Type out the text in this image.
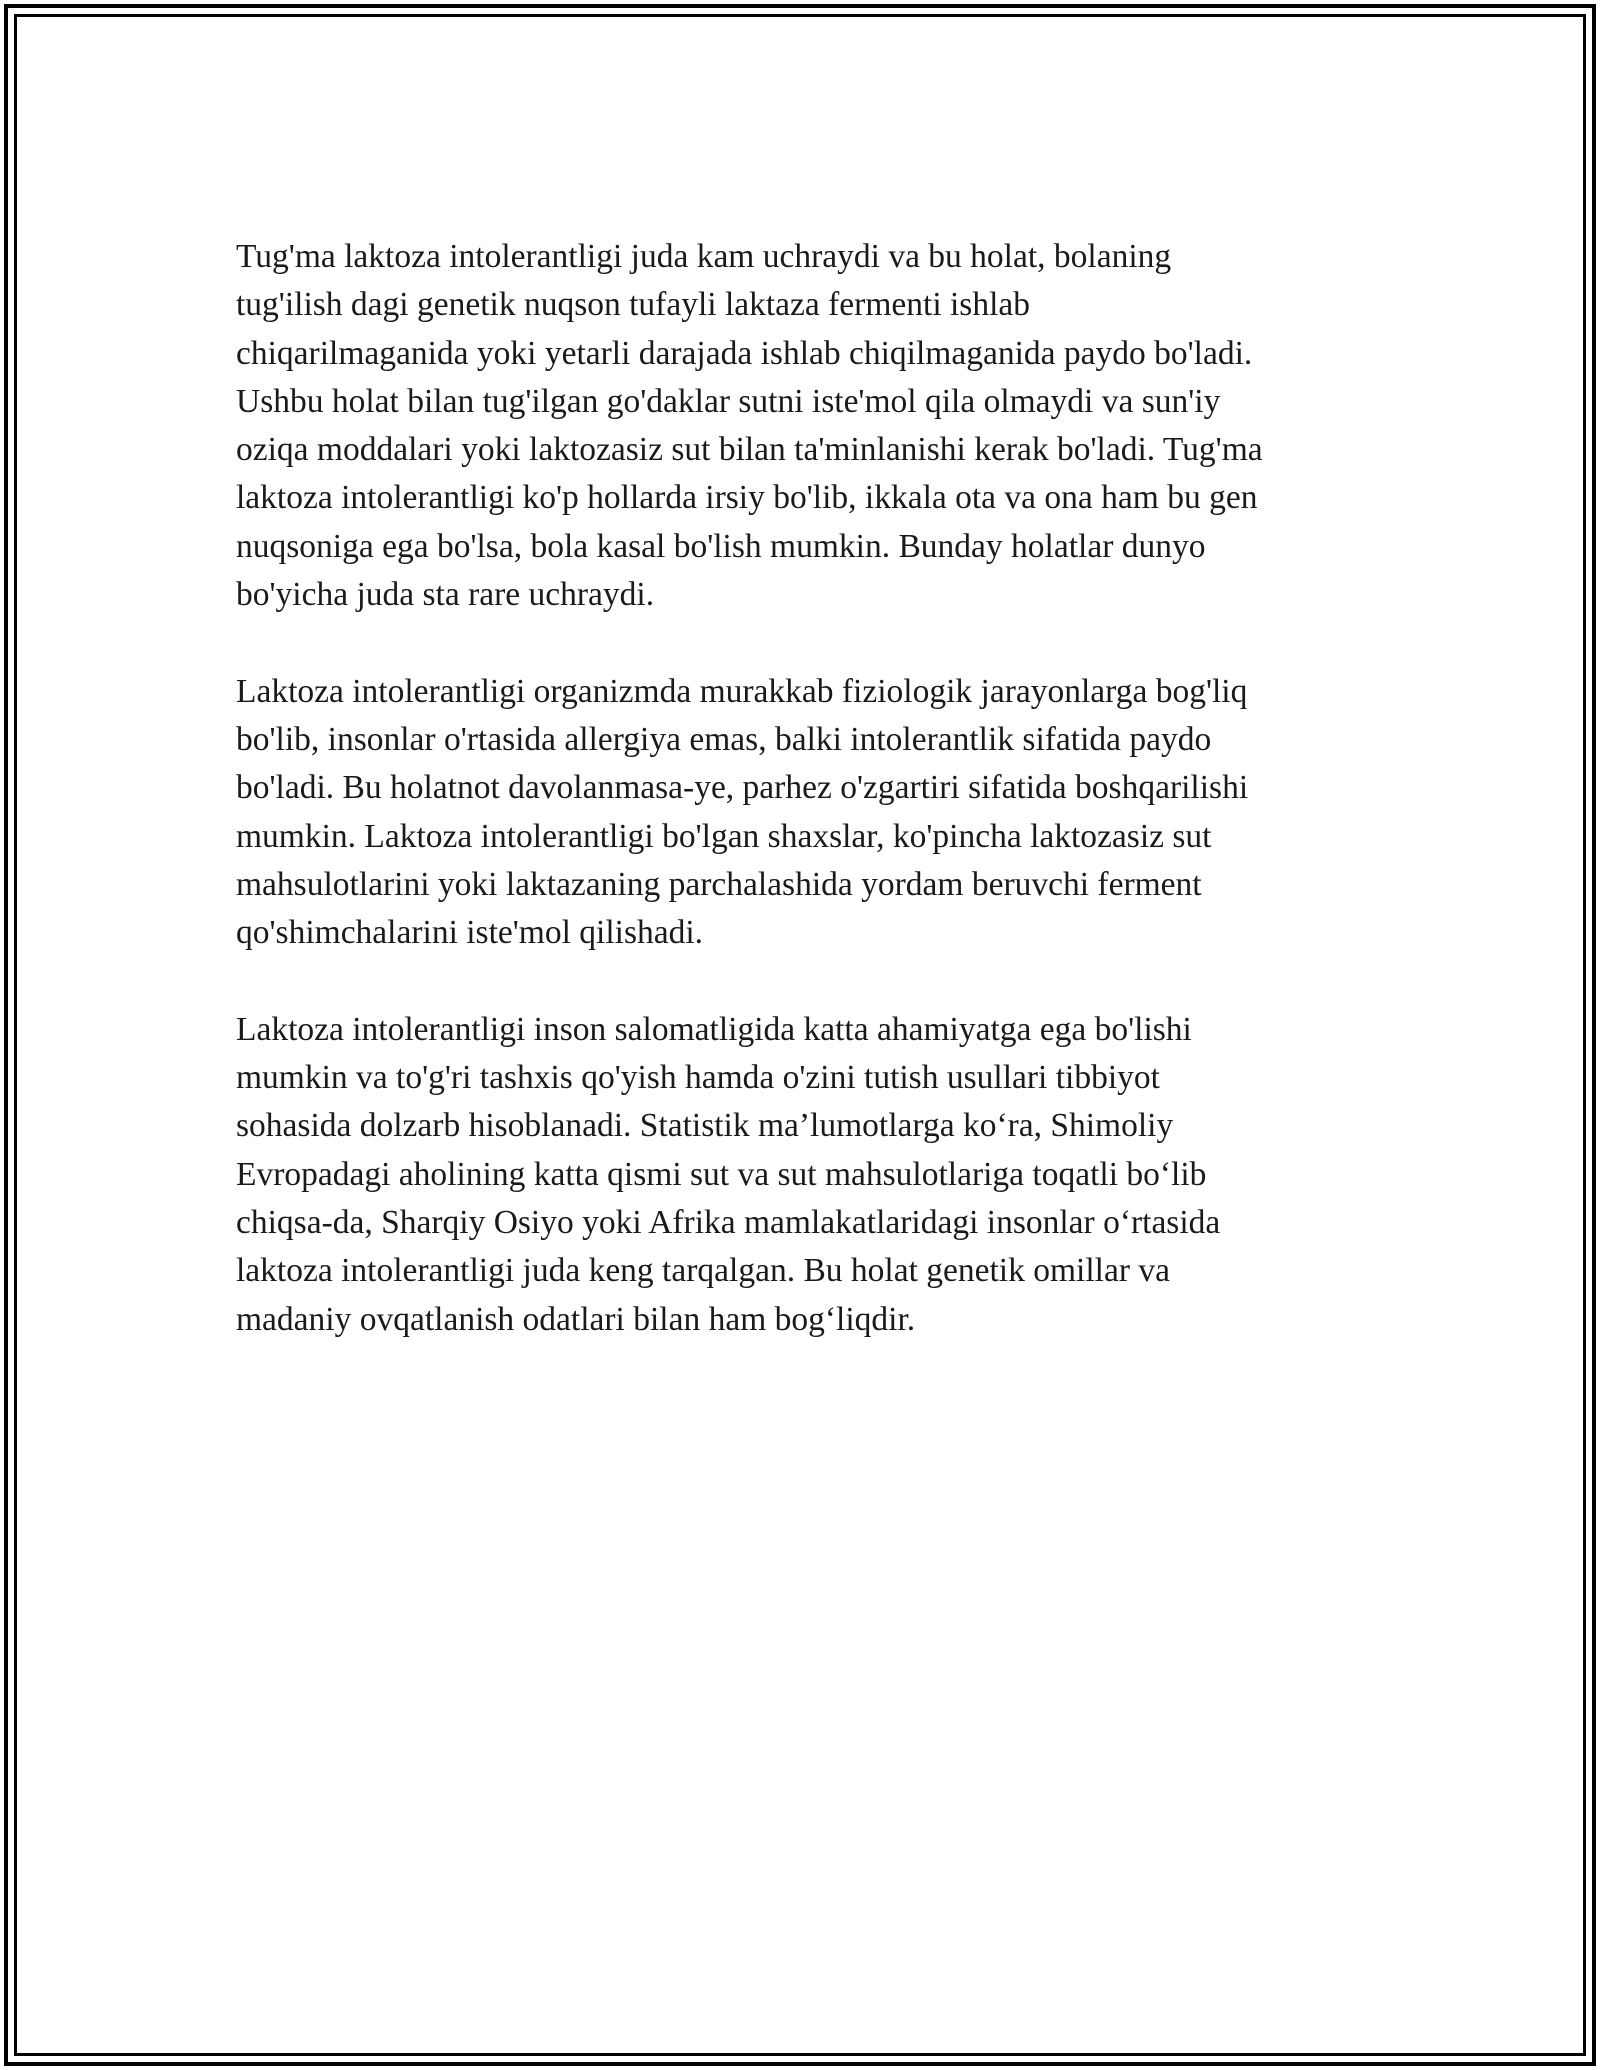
Tug'ma laktoza intolerantligi juda kam uchraydi va bu holat, bolaning
tug'ilish dagi genetik nuqson tufayli laktaza fermenti ishlab
chiqarilmaganida yoki yetarli darajada ishlab chiqilmaganida paydo bo'ladi.
Ushbu holat bilan tug'ilgan go'daklar sutni iste'mol qila olmaydi va sun'iy
oziqa moddalari yoki laktozasiz sut bilan ta'minlanishi kerak bo'ladi. Tug'ma
laktoza intolerantligi ko'p hollarda irsiy bo'lib, ikkala ota va ona ham bu gen
nuqsoniga ega bo'lsa, bola kasal bo'lish mumkin. Bunday holatlar dunyo
bo'yicha juda sta rare uchraydi.

Laktoza intolerantligi organizmda murakkab fiziologik jarayonlarga bog'liq
bo'lib, insonlar o'rtasida allergiya emas, balki intolerantlik sifatida paydo
bo'ladi. Bu holatnot davolanmasa-ye, parhez o'zgartiri sifatida boshqarilishi
mumkin. Laktoza intolerantligi bo'lgan shaxslar, ko'pincha laktozasiz sut
mahsulotlarini yoki laktazaning parchalashida yordam beruvchi ferment
qo'shimchalarini iste'mol qilishadi.

Laktoza intolerantligi inson salomatligida katta ahamiyatga ega bo'lishi
mumkin va to'g'ri tashxis qo'yish hamda o'zini tutish usullari tibbiyot
sohasida dolzarb hisoblanadi. Statistik ma’lumotlarga ko‘ra, Shimoliy
Evropadagi aholining katta qismi sut va sut mahsulotlariga toqatli bo‘lib
chiqsa-da, Sharqiy Osiyo yoki Afrika mamlakatlaridagi insonlar o‘rtasida
laktoza intolerantligi juda keng tarqalgan. Bu holat genetik omillar va
madaniy ovqatlanish odatlari bilan ham bog‘liqdir.
